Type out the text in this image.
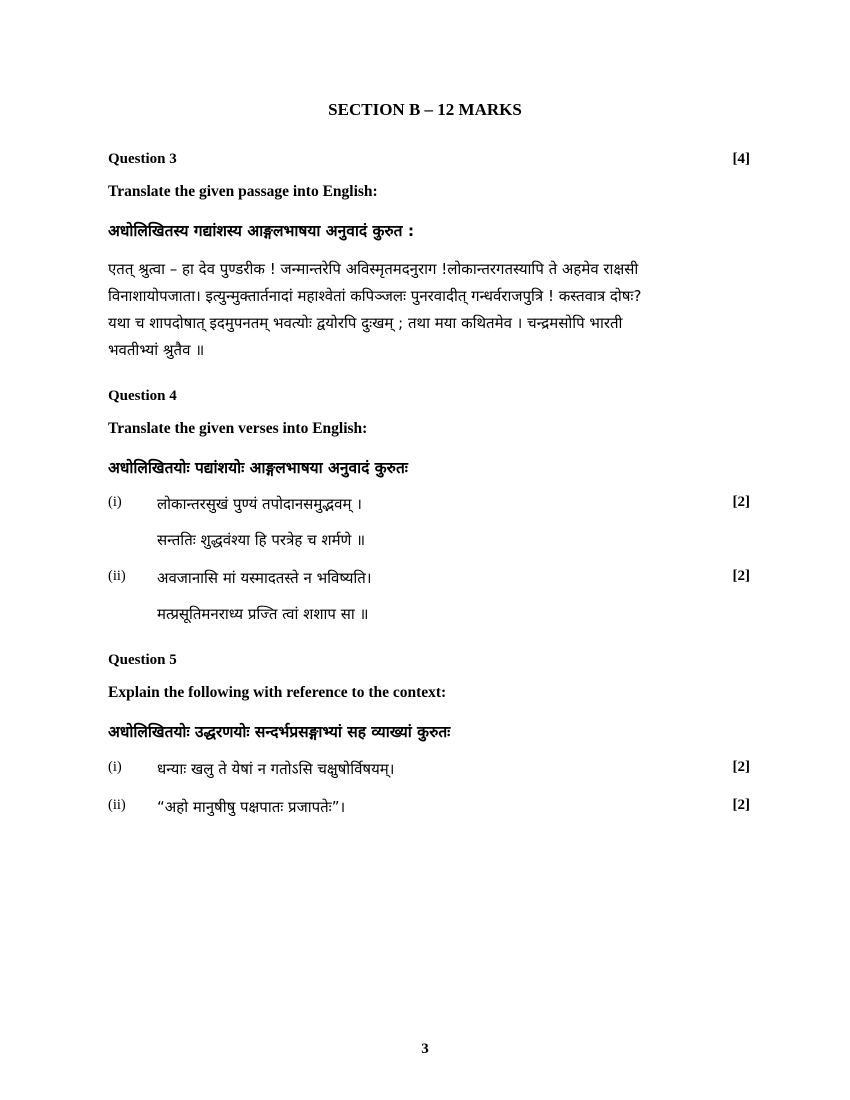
SECTION B – 12 MARKS
Question 3	[4]
Translate the given passage into English:
अधोलिखितस्य गद्यांशस्य आङ्गलभाषया अनुवादं कुरुत :
एतत् श्रुत्वा – हा देव पुण्डरीक ! जन्मान्तरेपि अविस्मृतमदनुराग !लोकान्तरगतस्यापि ते अहमेव राक्षसी
विनाशायोपजाता। इत्युन्मुक्तार्तनादां महाश्वेतां कपिञ्जलः पुनरवादीत् गन्धर्वराजपुत्रि ! कस्तवात्र दोषः?
यथा च शापदोषात् इदमुपनतम् भवत्योः द्वयोरपि दुःखम् ; तथा मया कथितमेव । चन्द्रमसोपि भारती
भवतीभ्यां श्रुतैव ॥
Question 4
Translate the given verses into English:
अधोलिखितयोः पद्यांशयोः आङ्गलभाषया अनुवादं कुरुतः
(i) लोकान्तरसुखं पुण्यं तपोदानसमुद्भवम् ।	[2]
सन्ततिः शुद्धवंश्या हि परत्रेह च शर्मणे ॥
(ii) अवजानासि मां यस्मादतस्ते न भविष्यति।	[2]
मत्प्रसूतिमनराध्य प्रज्ति त्वां शशाप सा ॥
Question 5
Explain the following with reference to the context:
अधोलिखितयोः उद्धरणयोः सन्दर्भप्रसङ्गाभ्यां सह व्याख्यां कुरुतः
(i) धन्याः खलु ते येषां न गतोऽसि चक्षुषोर्विषयम्।	[2]
(ii) “अहो मानुषीषु पक्षपातः प्रजापतेः”।	[2]
3
